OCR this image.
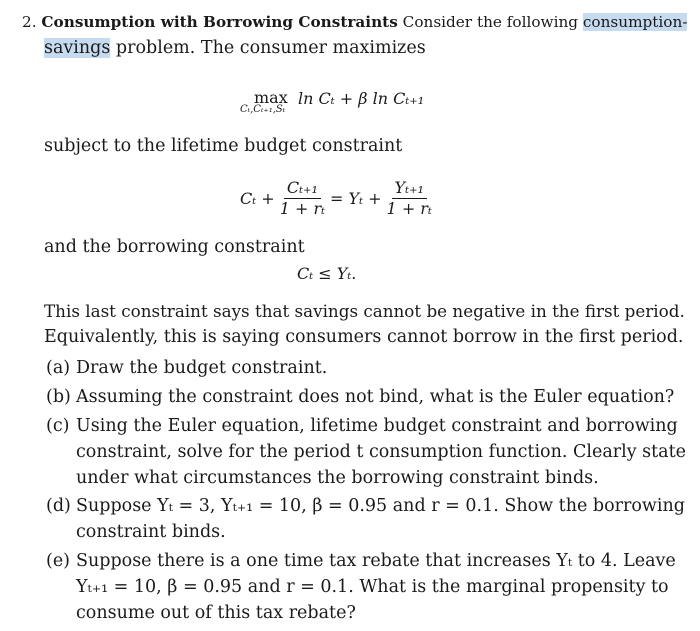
2. Consumption with Borrowing Constraints Consider the following consumption-
savings problem. The consumer maximizes
max
Cₜ,Cₜ₊₁,Sₜ
ln Cₜ + β ln Cₜ₊₁
subject to the lifetime budget constraint
$C_t + \frac{\text{Cₜ₊₁}}{\text{1 + rₜ}} = Y_t + \frac{\text{Yₜ₊₁}}{\text{1 + rₜ}}$
and the borrowing constraint
Cₜ ≤ Yₜ.
This last constraint says that savings cannot be negative in the first period.
Equivalently, this is saying consumers cannot borrow in the first period.
(a) Draw the budget constraint.
(b) Assuming the constraint does not bind, what is the Euler equation?
(c) Using the Euler equation, lifetime budget constraint and borrowing
constraint, solve for the period t consumption function. Clearly state
under what circumstances the borrowing constraint binds.
(d) Suppose Yₜ = 3, Yₜ₊₁ = 10, β = 0.95 and r = 0.1. Show the borrowing
constraint binds.
(e) Suppose there is a one time tax rebate that increases Yₜ to 4. Leave
Yₜ₊₁ = 10, β = 0.95 and r = 0.1. What is the marginal propensity to
consume out of this tax rebate?
